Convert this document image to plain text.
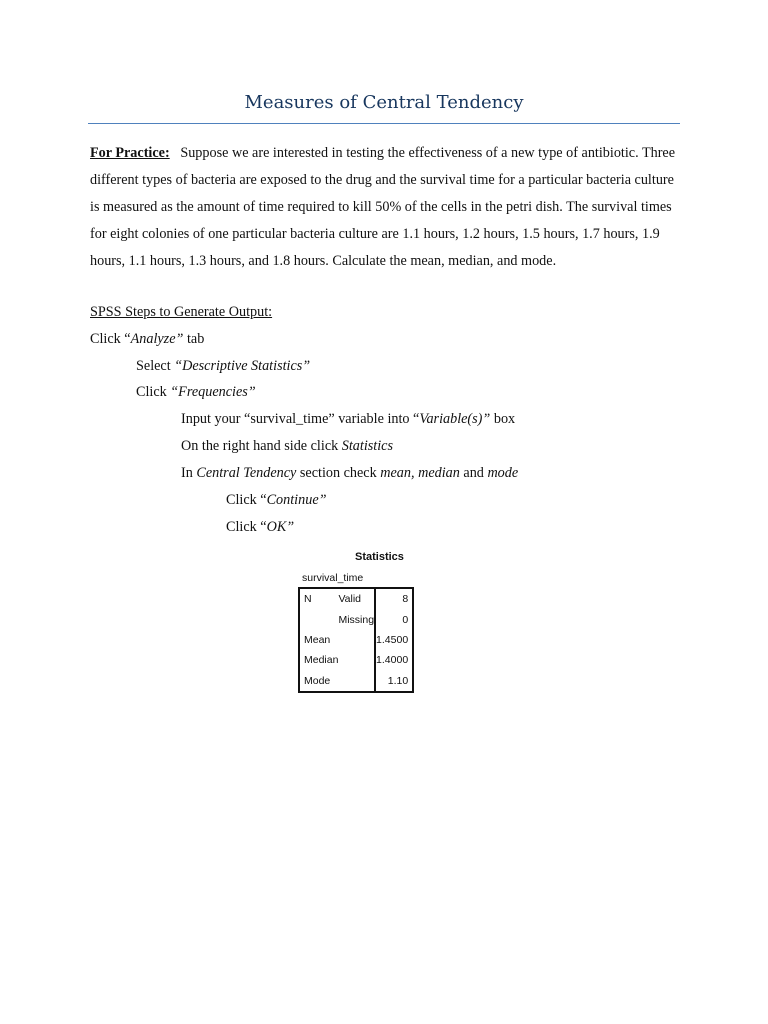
Measures of Central Tendency

For Practice: Suppose we are interested in testing the effectiveness of a new type of antibiotic. Three different types of bacteria are exposed to the drug and the survival time for a particular bacteria culture is measured as the amount of time required to kill 50% of the cells in the petri dish. The survival times for eight colonies of one particular bacteria culture are 1.1 hours, 1.2 hours, 1.5 hours, 1.7 hours, 1.9 hours, 1.1 hours, 1.3 hours, and 1.8 hours. Calculate the mean, median, and mode.

SPSS Steps to Generate Output:
Click “Analyze” tab
Select “Descriptive Statistics”
Click “Frequencies”
Input your “survival_time” variable into “Variable(s)” box
On the right hand side click Statistics
In Central Tendency section check mean, median and mode
Click “Continue”
Click “OK”
Statistics
survival_time
N	Valid	8
	Missing	0
Mean		1.4500
Median		1.4000
Mode		1.10
